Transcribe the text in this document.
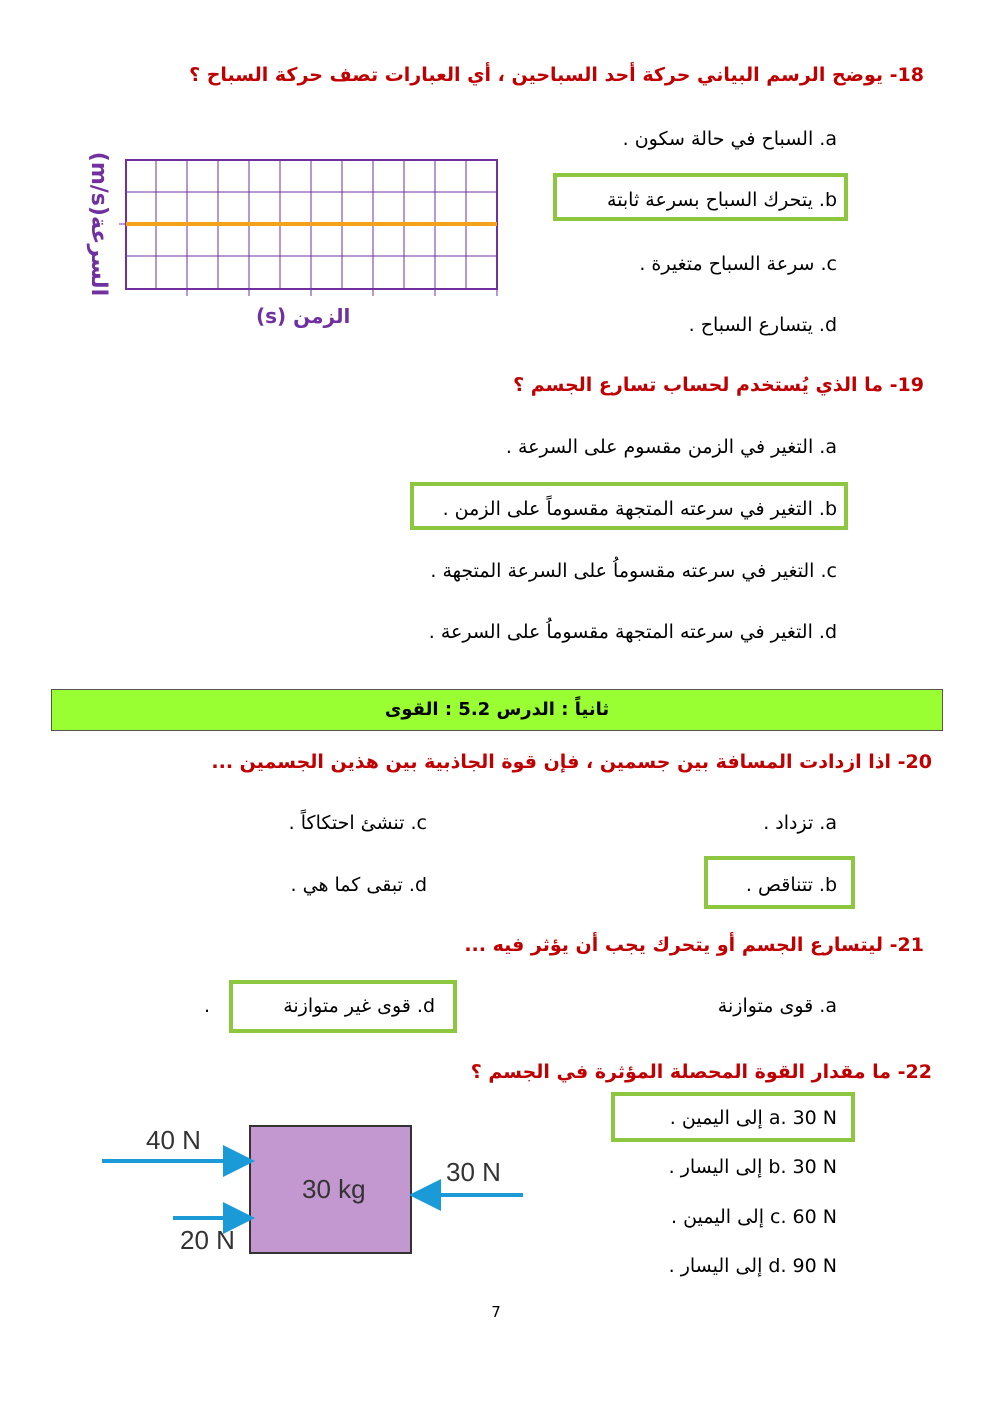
18- يوضح الرسم البياني حركة أحد السباحين ، أي العبارات تصف حركة السباح ؟
a. السباح في حالة سكون .
b. يتحرك السباح بسرعة ثابتة
c. سرعة السباح متغيرة .
d. يتسارع السباح .
السرعة(m/s)
الزمن (s)
19- ما الذي يُستخدم لحساب تسارع الجسم ؟
a. التغير في الزمن مقسوم على السرعة .
b. التغير في سرعته المتجهة مقسوماً على الزمن .
c. التغير في سرعته مقسوماُ على السرعة المتجهة .
d. التغير في سرعته المتجهة مقسوماُ على السرعة .
ثانياً : الدرس 5.2 : القوى
20- اذا ازدادت المسافة بين جسمين ، فإن قوة الجاذبية بين هذين الجسمين ...
a. تزداد .
c. تنشئ احتكاكاً .
b. تتناقص .
d. تبقى كما هي .
21- ليتسارع الجسم أو يتحرك يجب أن يؤثر فيه ...
a. قوى متوازنة
d. قوى غير متوازنة
.
22- ما مقدار القوة المحصلة المؤثرة في الجسم ؟
a. 30 N إلى اليمين .
b. 30 N إلى اليسار .
c. 60 N إلى اليمين .
d. 90 N إلى اليسار .
30 kg
40 N
20 N
30 N
7
